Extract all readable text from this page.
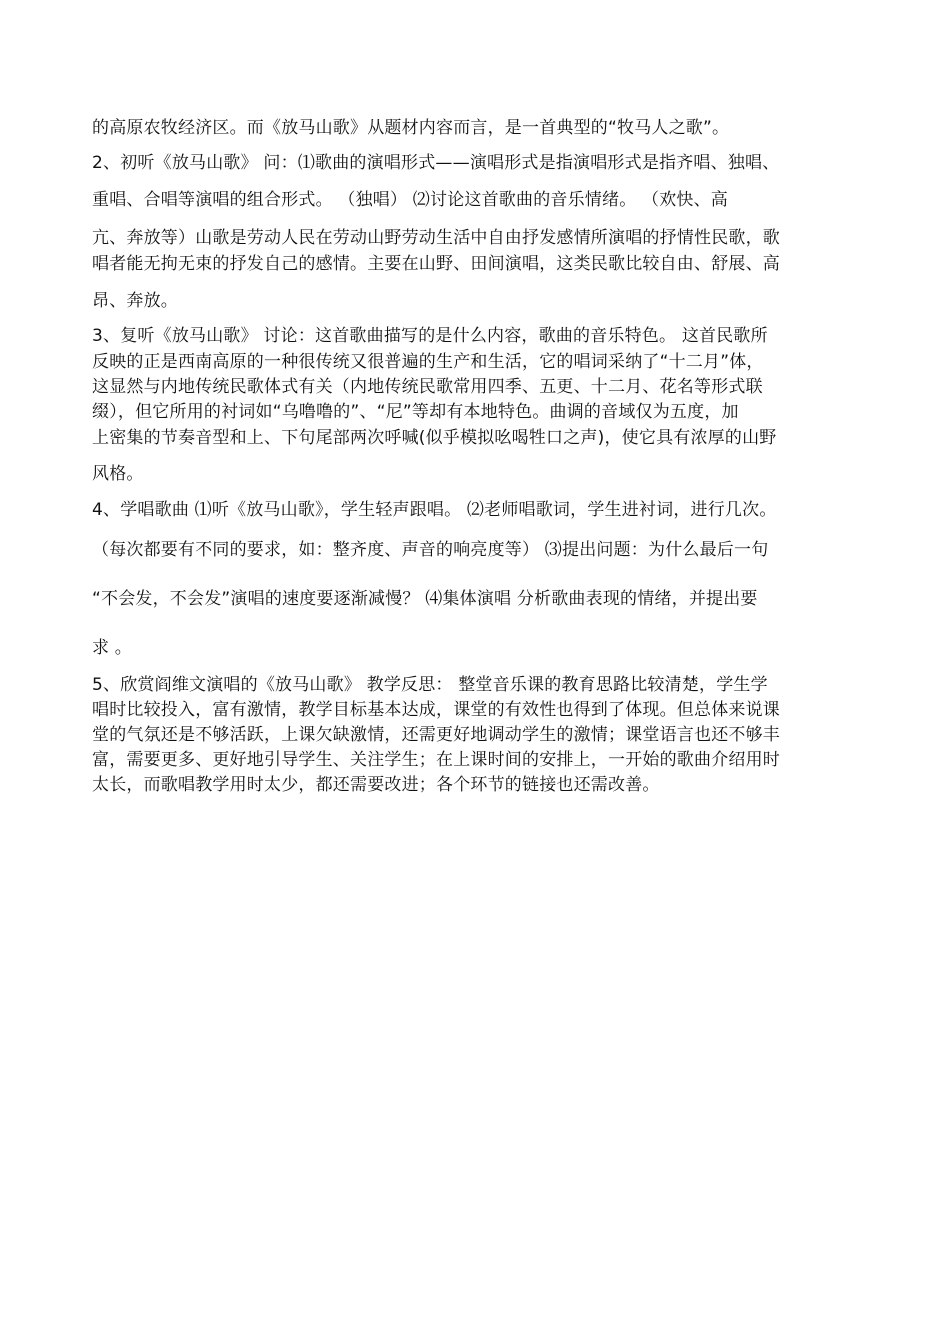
的高原农牧经济区。而《放马山歌》从题材内容而言，是一首典型的“牧马人之歌”。
2、初听《放马山歌》 问：⑴歌曲的演唱形式——演唱形式是指演唱形式是指齐唱、独唱、
重唱、合唱等演唱的组合形式。 （独唱） ⑵讨论这首歌曲的音乐情绪。 （欢快、高
亢、奔放等）山歌是劳动人民在劳动山野劳动生活中自由抒发感情所演唱的抒情性民歌，歌
唱者能无拘无束的抒发自己的感情。主要在山野、田间演唱，这类民歌比较自由、舒展、高
昂、奔放。
3、复听《放马山歌》 讨论：这首歌曲描写的是什么内容，歌曲的音乐特色。 这首民歌所
反映的正是西南高原的一种很传统又很普遍的生产和生活，它的唱词采纳了“十二月”体，
这显然与内地传统民歌体式有关（内地传统民歌常用四季、五更、十二月、花名等形式联
缀），但它所用的衬词如“乌噜噜的”、“尼”等却有本地特色。曲调的音域仅为五度，加
上密集的节奏音型和上、下句尾部两次呼喊(似乎模拟吆喝牲口之声)，使它具有浓厚的山野
风格。
4、学唱歌曲 ⑴听《放马山歌》，学生轻声跟唱。 ⑵老师唱歌词，学生进衬词，进行几次。
（每次都要有不同的要求，如：整齐度、声音的响亮度等） ⑶提出问题：为什么最后一句
“不会发，不会发”演唱的速度要逐渐减慢？ ⑷集体演唱 分析歌曲表现的情绪，并提出要
求 。
5、欣赏阎维文演唱的《放马山歌》 教学反思： 整堂音乐课的教育思路比较清楚，学生学
唱时比较投入，富有激情，教学目标基本达成，课堂的有效性也得到了体现。但总体来说课
堂的气氛还是不够活跃，上课欠缺激情，还需更好地调动学生的激情；课堂语言也还不够丰
富，需要更多、更好地引导学生、关注学生；在上课时间的安排上，一开始的歌曲介绍用时
太长，而歌唱教学用时太少，都还需要改进；各个环节的链接也还需改善。
